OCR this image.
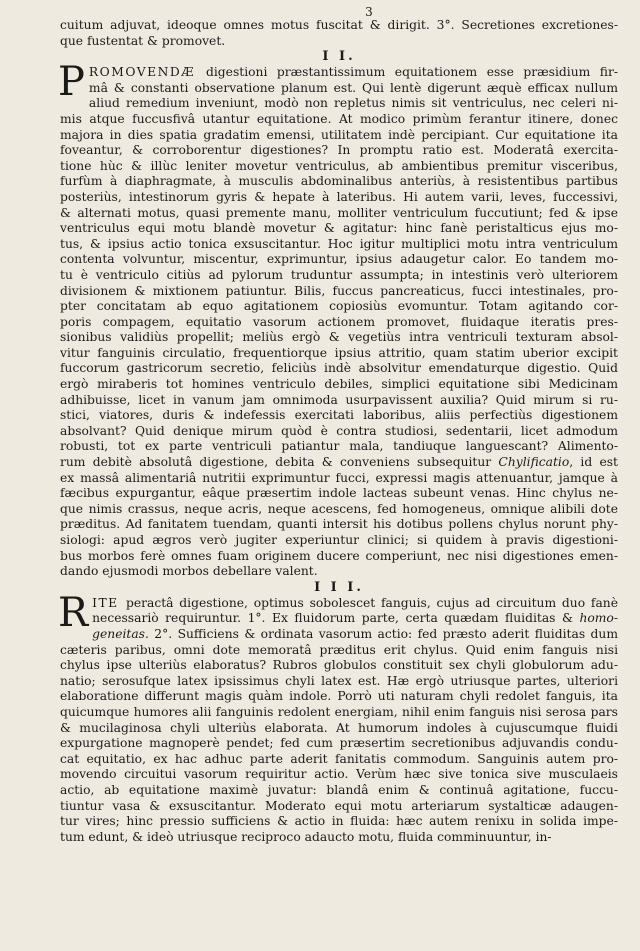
3
cuitum adjuvat, ideoque omnes motus fuscitat & dirigit. 3°. Secretiones excretiones-
que fustentat & promovet.
I I.
P ROMOVENDÆ digestioni præstantissimum equitationem esse præsidium fir-
mâ & constanti observatione planum est. Qui lentè digerunt æquè efficax nullum
aliud remedium inveniunt, modò non repletus nimis sit ventriculus, nec celeri ni-
mis atque fuccusfivâ utantur equitatione. At modico primùm ferantur itinere, donec
majora in dies spatia gradatim emensi, utilitatem indè percipiant. Cur equitatione ita
foveantur, & corroborentur digestiones? In promptu ratio est. Moderatâ exercita-
tione hùc & illùc leniter movetur ventriculus, ab ambientibus premitur visceribus,
furfùm à diaphragmate, à musculis abdominalibus anteriùs, à resistentibus partibus
posteriùs, intestinorum gyris & hepate à lateribus. Hi autem varii, leves, fuccessivi,
& alternati motus, quasi premente manu, molliter ventriculum fuccutiunt; fed & ipse
ventriculus equi motu blandè movetur & agitatur: hinc fanè peristalticus ejus mo-
tus, & ipsius actio tonica exsuscitantur. Hoc igitur multiplici motu intra ventriculum
contenta volvuntur, miscentur, exprimuntur, ipsius adaugetur calor. Eo tandem mo-
tu è ventriculo citiùs ad pylorum truduntur assumpta; in intestinis verò ulteriorem
divisionem & mixtionem patiuntur. Bilis, fuccus pancreaticus, fucci intestinales, pro-
pter concitatam ab equo agitationem copiosiùs evomuntur. Totam agitando cor-
poris compagem, equitatio vasorum actionem promovet, fluidaque iteratis pres-
sionibus validiùs propellit; meliùs ergò & vegetiùs intra ventriculi texturam absol-
vitur fanguinis circulatio, frequentiorque ipsius attritio, quam statim uberior excipit
fuccorum gastricorum secretio, feliciùs indè absolvitur emendaturque digestio. Quid
ergò miraberis tot homines ventriculo debiles, simplici equitatione sibi Medicinam
adhibuisse, licet in vanum jam omnimoda usurpavissent auxilia? Quid mirum si ru-
stici, viatores, duris & indefessis exercitati laboribus, aliis perfectiùs digestionem
absolvant? Quid denique mirum quòd è contra studiosi, sedentarii, licet admodum
robusti, tot ex parte ventriculi patiantur mala, tandiuque languescant? Alimento-
rum debitè absolutâ digestione, debita & conveniens subsequitur Chylificatio, id est
ex massâ alimentariâ nutritii exprimuntur fucci, expressi magis attenuantur, jamque à
fæcibus expurgantur, eâque præsertim indole lacteas subeunt venas. Hinc chylus ne-
que nimis crassus, neque acris, neque acescens, fed homogeneus, omnique alibili dote
præditus. Ad fanitatem tuendam, quanti intersit his dotibus pollens chylus norunt phy-
siologi: apud ægros verò jugiter experiuntur clinici; si quidem à pravis digestioni-
bus morbos ferè omnes fuam originem ducere comperiunt, nec nisi digestiones emen-
dando ejusmodi morbos debellare valent.
I I I.
R ITE peractâ digestione, optimus sobolescet fanguis, cujus ad circuitum duo fanè
necessariò requiruntur. 1°. Ex fluidorum parte, certa quædam fluiditas & homo-
geneitas. 2°. Sufficiens & ordinata vasorum actio: fed præsto aderit fluiditas dum
cæteris paribus, omni dote memoratâ præditus erit chylus. Quid enim fanguis nisi
chylus ipse ulteriùs elaboratus? Rubros globulos constituit sex chyli globulorum adu-
natio; serosufque latex ipsissimus chyli latex est. Hæ ergò utriusque partes, ulteriori
elaboratione differunt magis quàm indole. Porrò uti naturam chyli redolet fanguis, ita
quicumque humores alii fanguinis redolent energiam, nihil enim fanguis nisi serosa pars
& mucilaginosa chyli ulteriùs elaborata. At humorum indoles à cujuscumque fluidi
expurgatione magnoperè pendet; fed cum præsertim secretionibus adjuvandis condu-
cat equitatio, ex hac adhuc parte aderit fanitatis commodum. Sanguinis autem pro-
movendo circuitui vasorum requiritur actio. Verùm hæc sive tonica sive musculaeis
actio, ab equitatione maximè juvatur: blandâ enim & continuâ agitatione, fuccu-
tiuntur vasa & exsuscitantur. Moderato equi motu arteriarum systalticæ adaugen-
tur vires; hinc pressio sufficiens & actio in fluida: hæc autem renixu in solida impe-
tum edunt, & ideò utriusque reciproco adaucto motu, fluida comminuuntur, in-
